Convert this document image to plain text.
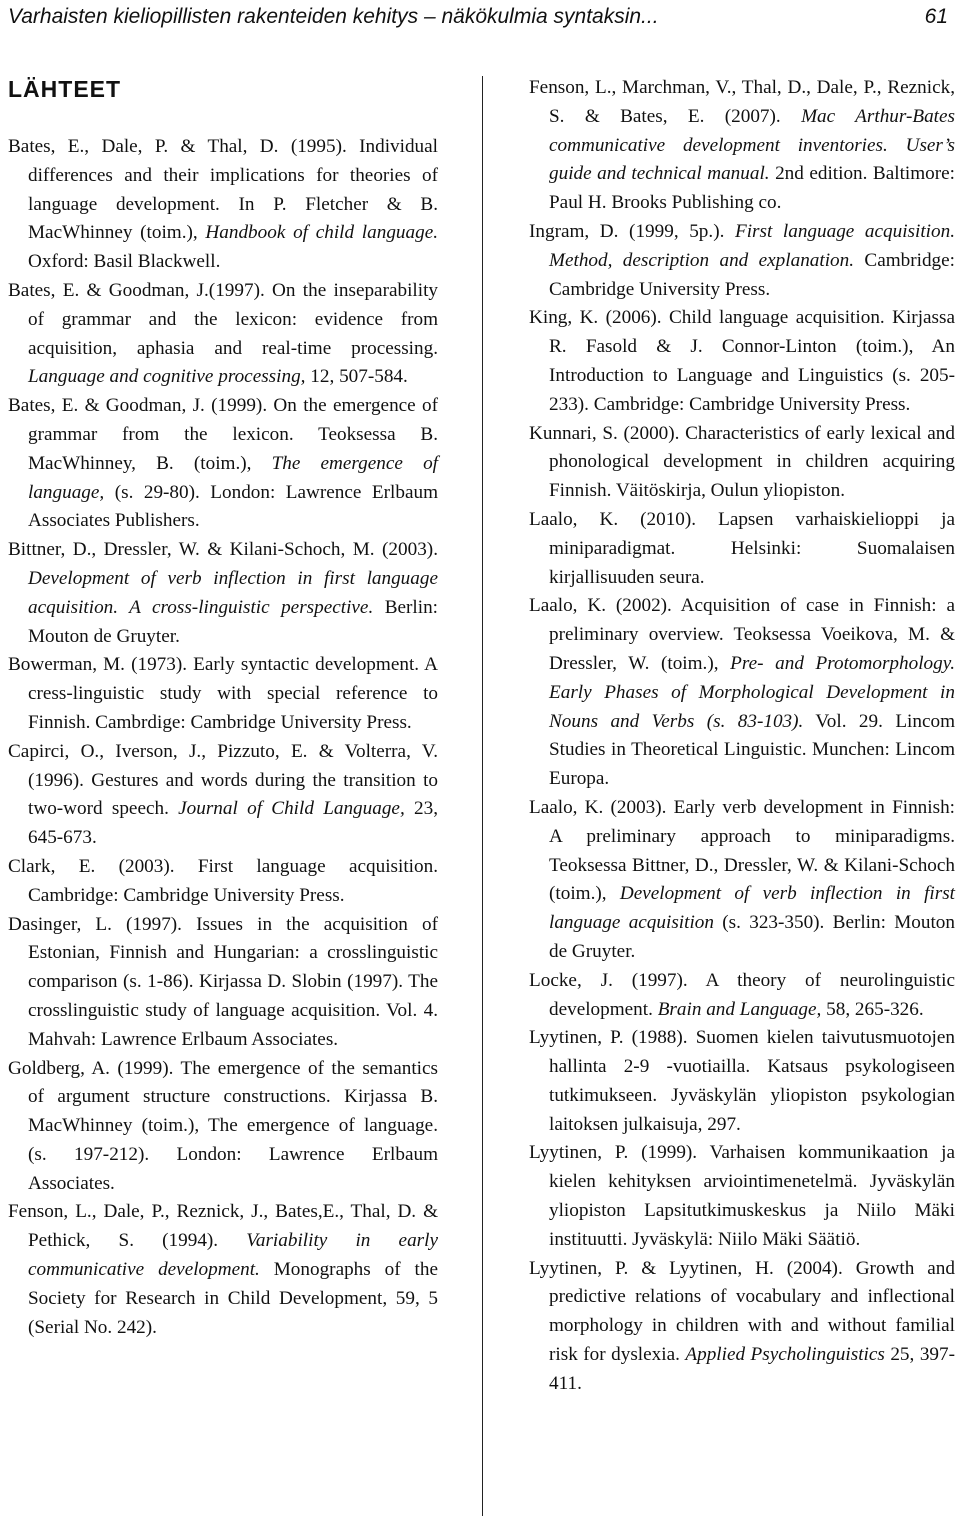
Varhaisten kieliopillisten rakenteiden kehitys – näkökulmia syntaksin...	61
LÄHTEET

Bates, E., Dale, P. & Thal, D. (1995). Individual differences and their implications for theories of language development. In P. Fletcher & B. MacWhinney (toim.), Handbook of child language. Oxford: Basil Blackwell.

Bates, E. & Goodman, J.(1997). On the inseparability of grammar and the lexicon: evidence from acquisition, aphasia and real-time processing. Language and cognitive processing, 12, 507-584.

Bates, E. & Goodman, J. (1999). On the emergence of grammar from the lexicon. Teoksessa B. MacWhinney, B. (toim.), The emergence of language, (s. 29-80). London: Lawrence Erlbaum Associates Publishers.

Bittner, D., Dressler, W. & Kilani-Schoch, M. (2003). Development of verb inflection in first language acquisition. A cross-linguistic perspective. Berlin: Mouton de Gruyter.

Bowerman, M. (1973). Early syntactic development. A cress-linguistic study with special reference to Finnish. Cambrdige: Cambridge University Press.

Capirci, O., Iverson, J., Pizzuto, E. & Volterra, V. (1996). Gestures and words during the transition to two-word speech. Journal of Child Language, 23, 645-673.

Clark, E. (2003). First language acquisition. Cambridge: Cambridge University Press.

Dasinger, L. (1997). Issues in the acquisition of Estonian, Finnish and Hungarian: a crosslinguistic comparison (s. 1-86). Kirjassa D. Slobin (1997). The crosslinguistic study of language acquisition. Vol. 4. Mahvah: Lawrence Erlbaum Associates.

Goldberg, A. (1999). The emergence of the semantics of argument structure constructions. Kirjassa B. MacWhinney (toim.), The emergence of language. (s. 197-212). London: Lawrence Erlbaum Associates.

Fenson, L., Dale, P., Reznick, J., Bates,E., Thal, D. & Pethick, S. (1994). Variability in early communicative development. Monographs of the Society for Research in Child Development, 59, 5 (Serial No. 242).

Fenson, L., Marchman, V., Thal, D., Dale, P., Reznick, S. & Bates, E. (2007). Mac Arthur-Bates communicative development inventories. User’s guide and technical manual. 2nd edition. Baltimore: Paul H. Brooks Publishing co.

Ingram, D. (1999, 5p.). First language acquisition. Method, description and explanation. Cambridge: Cambridge University Press.

King, K. (2006). Child language acquisition. Kirjassa R. Fasold & J. Connor-Linton (toim.), An Introduction to Language and Linguistics (s. 205-233). Cambridge: Cambridge University Press.

Kunnari, S. (2000). Characteristics of early lexical and phonological development in children acquiring Finnish. Väitöskirja, Oulun yliopiston.

Laalo, K. (2010). Lapsen varhaiskielioppi ja miniparadigmat. Helsinki: Suomalaisen kirjallisuuden seura.

Laalo, K. (2002). Acquisition of case in Finnish: a preliminary overview. Teoksessa Voeikova, M. & Dressler, W. (toim.), Pre- and Protomorphology. Early Phases of Morphological Development in Nouns and Verbs (s. 83-103). Vol. 29. Lincom Studies in Theoretical Linguistic. Munchen: Lincom Europa.

Laalo, K. (2003). Early verb development in Finnish: A preliminary approach to miniparadigms. Teoksessa Bittner, D., Dressler, W. & Kilani-Schoch (toim.), Development of verb inflection in first language acquisition (s. 323-350). Berlin: Mouton de Gruyter.

Locke, J. (1997). A theory of neurolinguistic development. Brain and Language, 58, 265-326.

Lyytinen, P. (1988). Suomen kielen taivutusmuotojen hallinta 2-9 -vuotiailla. Katsaus psykologiseen tutkimukseen. Jyväskylän yliopiston psykologian laitoksen julkaisuja, 297.

Lyytinen, P. (1999). Varhaisen kommunikaation ja kielen kehityksen arviointimenetelmä. Jyväskylän yliopiston Lapsitutkimuskeskus ja Niilo Mäki instituutti. Jyväskylä: Niilo Mäki Säätiö.

Lyytinen, P. & Lyytinen, H. (2004). Growth and predictive relations of vocabulary and inflectional morphology in children with and without familial risk for dyslexia. Applied Psycholinguistics 25, 397-411.
